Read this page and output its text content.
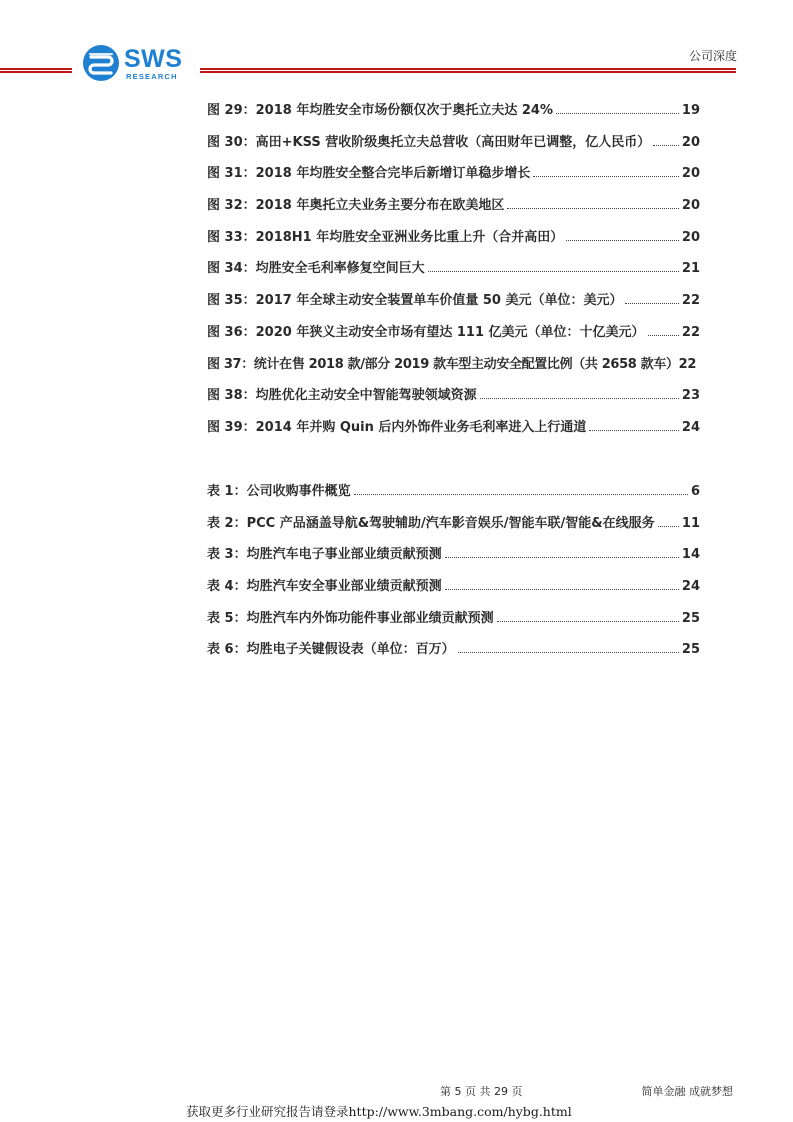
SWS
RESEARCH
公司深度
图 29：2018 年均胜安全市场份额仅次于奥托立夫达 24%	19
图 30：高田+KSS 营收阶级奥托立夫总营收（高田财年已调整，亿人民币） 20
图 31：2018 年均胜安全整合完毕后新增订单稳步增长	20
图 32：2018 年奥托立夫业务主要分布在欧美地区	20
图 33：2018H1 年均胜安全亚洲业务比重上升（合并高田）	20
图 34：均胜安全毛利率修复空间巨大	21
图 35：2017 年全球主动安全装置单车价值量 50 美元（单位：美元）	22
图 36：2020 年狭义主动安全市场有望达 111 亿美元（单位：十亿美元）	22
图 37：统计在售 2018 款/部分 2019 款车型主动安全配置比例（共 2658 款车） 22
图 38：均胜优化主动安全中智能驾驶领域资源	23
图 39：2014 年并购 Quin 后内外饰件业务毛利率进入上行通道	24
表 1：公司收购事件概览	6
表 2：PCC 产品涵盖导航&驾驶辅助/汽车影音娱乐/智能车联/智能&在线服务 11
表 3：均胜汽车电子事业部业绩贡献预测	14
表 4：均胜汽车安全事业部业绩贡献预测	24
表 5：均胜汽车内外饰功能件事业部业绩贡献预测	25
表 6：均胜电子关键假设表（单位：百万）	25
第 5 页 共 29 页	简单金融 成就梦想
获取更多行业研究报告请登录http://www.3mbang.com/hybg.html
